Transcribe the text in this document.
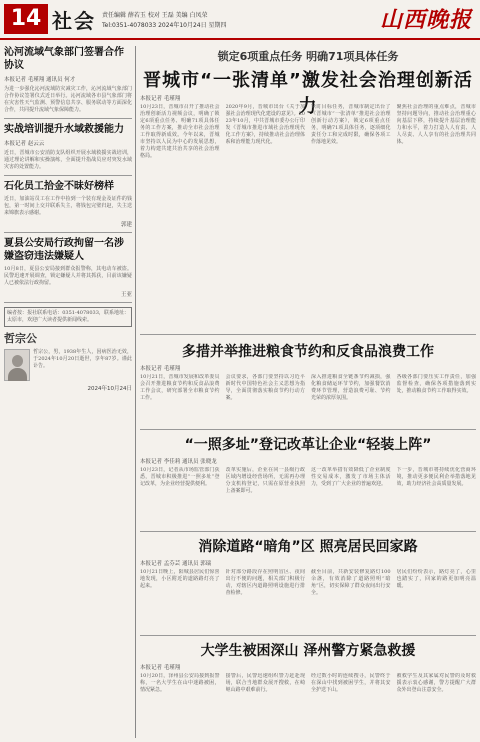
14 社会 责任编辑 薛若玉 校对 王磊 美编 白凤荣
Tel:0351-4078033 2024年10月24日 星期四	山西晚报
沁河流域气象部门签署合作协议
本报记者 毛瑾翔 通讯员 何才
为进一步强化沁河流域防灾减灾工作，沁河流域气象部门合作协议签署仪式近日举行。沁河流域各市县气象部门将在灾害性天气监测、预警信息共享、服务联动等方面深化合作，共同提升流域气象保障能力。
实战培训提升水域救援能力
本报记者 赵云云
近日，晋城市公安消防支队组织开展水域救援实战培训，通过理论讲解和实操演练，全面提升指战员应对突发水域灾害的处置能力。
石化员工拾金不昧好榜样
近日，加油站员工在工作中捡到一个装有现金及证件的钱包，第一时间上交并联系失主，将钱包完璧归赵，失主送来锦旗表示感谢。
郭建
夏县公安局行政拘留一名涉嫌盗窃违法嫌疑人
10月8日，夏县公安局接到群众报警称，其电动车被盗。民警迅速开展调查，锁定嫌疑人并将其抓获，目前该嫌疑人已被依法行政拘留。
王亚
编者按：报社联系电话：0351-4078033，联系地址：太原市，欢迎广大读者提供新闻线索。
哲宗公
哲宗公，男，1938年生人，因病医治无效，于2024年10月20日逝世，享年87岁。谨此讣告。
2024年10月24日
锁定6项重点任务 明确71项具体任务
晋城市“一张清单”激发社会治理创新活力
本报记者 毛瑾翔
10月23日，晋城市召开了推动社会治理创新活力视频会议，明确了锁定6项重点任务、明确71项具体任务的工作方案，推动全市社会治理工作取得新成效。今年以来，晋城市坚持以人民为中心的发展思想，着力构建共建共治共享的社会治理格局。
2020年9月，晋城市出台《关于加强社会治理现代化建设的意见》。2023年10月，中共晋城市委办公厅印发《晋城市推进市域社会治理现代化工作方案》，持续推动社会治理体系和治理能力现代化。
紧盯目标任务，晋城市制定出台了《晋城市“一张清单”推进社会治理创新行动方案》，锁定6项重点任务，明确71项具体任务，逐项细化责任分工和完成时限，确保各项工作落地见效。
聚焦社会治理的重点难点，晋城市坚持问题导向，推动社会治理重心向基层下移，持续提升基层治理能力和水平，着力打造人人有责、人人尽责、人人享有的社会治理共同体。
多措并举推进粮食节约和反食品浪费工作
本报记者 毛瑾翔
10月21日，晋城市发展和改革委员会召开推进粮食节约和反食品浪费工作会议，研究部署全市粮食节约工作。
会议要求，各部门要坚持以习近平新时代中国特色社会主义思想为指导，全面贯彻落实粮食节约行动方案。
深入推进粮食全链条节约减损，强化粮食储运环节节约，加强餐饮消费环节管理，营造浪费可耻、节约光荣的浓厚氛围。
各级各部门要压实工作责任，加强监督检查，确保各项措施落到实处，推动粮食节约工作取得实效。
“一照多址”登记改革让企业“轻装上阵”
本报记者 李佳莉 通讯员 张晓龙
10月23日，记者从市场监管部门获悉，晋城市积极推进“一照多址”登记改革，为企业经营提供便利。
改革实施后，企业在同一县级行政区域内增设经营场所，无需再办理分支机构登记，只需在原营业执照上备案即可。
这一改革举措有效降低了企业制度性交易成本，激发了市场主体活力，受到了广大企业的普遍欢迎。
下一步，晋城市将持续优化营商环境，推动更多便民利企举措落地见效，助力经济社会高质量发展。
消除道路“暗角”区 照亮居民回家路
本报记者 孟芬芸 通讯员 郭瑞
10月21日晚上，阳城县居民们惊喜地发现，小区附近的道路路灯亮了起来。
针对部分路段存在照明盲区、夜间出行不便的问题，相关部门积极行动，对辖区内道路照明设施进行排查检修。
截至目前，共新安装修复路灯100余盏，有效消除了道路照明“暗角”区，切实保障了群众夜间出行安全。
居民们纷纷表示，路灯亮了，心里也踏实了，回家的路更加明亮温暖。
大学生被困深山 泽州警方紧急救援
本报记者 毛瑾翔
10月20日，泽州县公安局接到报警称，一名大学生在山中迷路被困，情况紧急。
接警后，民警迅速组织警力赶赴现场，联合当地群众展开搜救，在崎岖山路中艰难前行。
经过数小时的连续搜寻，民警终于在深山中找到被困学生，并将其安全护送下山。
被救学生及其家属对民警的及时救援表示衷心感谢，警方提醒广大群众外出登山注意安全。
